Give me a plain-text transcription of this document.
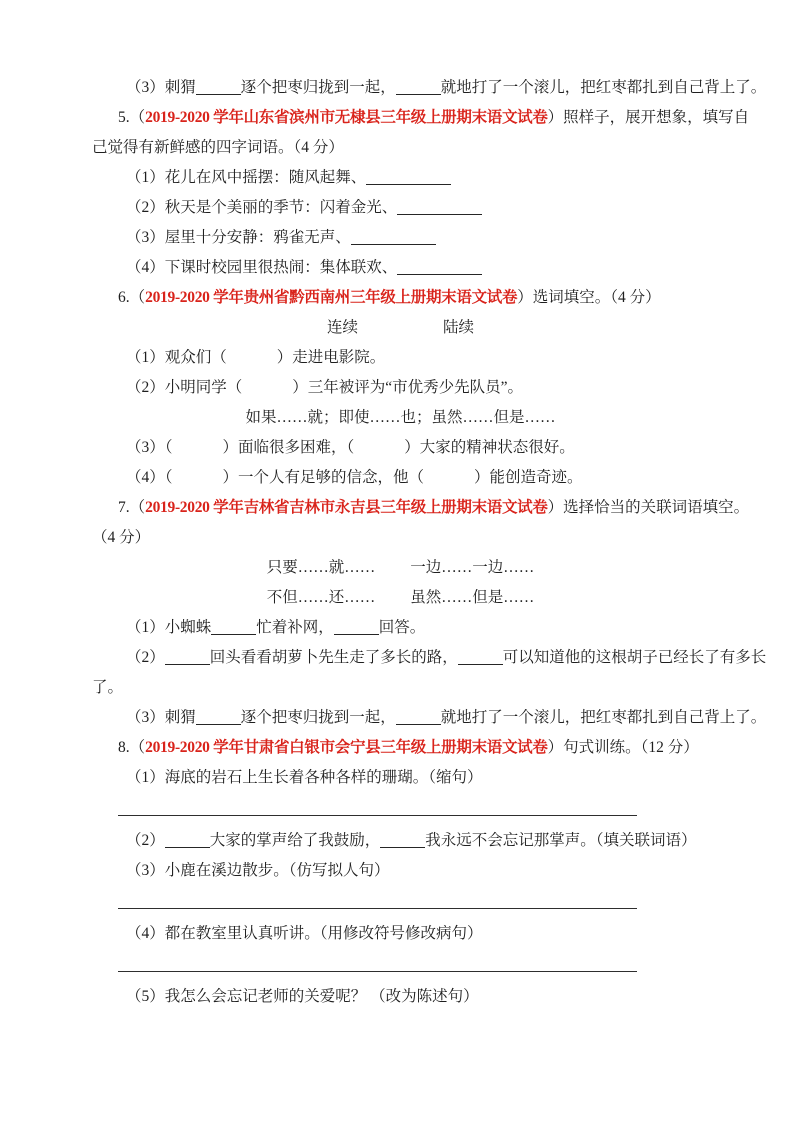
（3）刺猬	逐个把枣归拢到一起，	就地打了一个滚儿，把红枣都扎到自己背上了。
5.（2019-2020 学年山东省滨州市无棣县三年级上册期末语文试卷）照样子，展开想象，填写自
己觉得有新鲜感的四字词语。（4 分）
（1）花儿在风中摇摆：随风起舞、
（2）秋天是个美丽的季节：闪着金光、
（3）屋里十分安静：鸦雀无声、
（4）下课时校园里很热闹：集体联欢、
6.（2019-2020 学年贵州省黔西南州三年级上册期末语文试卷）选词填空。（4 分）
连续	陆续
（1）观众们（	）走进电影院。
（2）小明同学（	）三年被评为“市优秀少先队员”。
如果……就；即使……也；虽然……但是……
（3）（	）面临很多困难，（	）大家的精神状态很好。
（4）（	）一个人有足够的信念，他（	）能创造奇迹。
7.（2019-2020 学年吉林省吉林市永吉县三年级上册期末语文试卷）选择恰当的关联词语填空。
（4 分）
只要……就…… 一边……一边……
不但……还…… 虽然……但是……
（1）小蜘蛛	忙着补网，	回答。
（2）	回头看看胡萝卜先生走了多长的路，	可以知道他的这根胡子已经长了有多长
了。
（3）刺猬	逐个把枣归拢到一起，	就地打了一个滚儿，把红枣都扎到自己背上了。
8.（2019-2020 学年甘肃省白银市会宁县三年级上册期末语文试卷）句式训练。（12 分）
（1）海底的岩石上生长着各种各样的珊瑚。（缩句）
（2）	大家的掌声给了我鼓励，	我永远不会忘记那掌声。（填关联词语）
（3）小鹿在溪边散步。（仿写拟人句）
（4）都在教室里认真听讲。（用修改符号修改病句）
（5）我怎么会忘记老师的关爱呢？ （改为陈述句）
